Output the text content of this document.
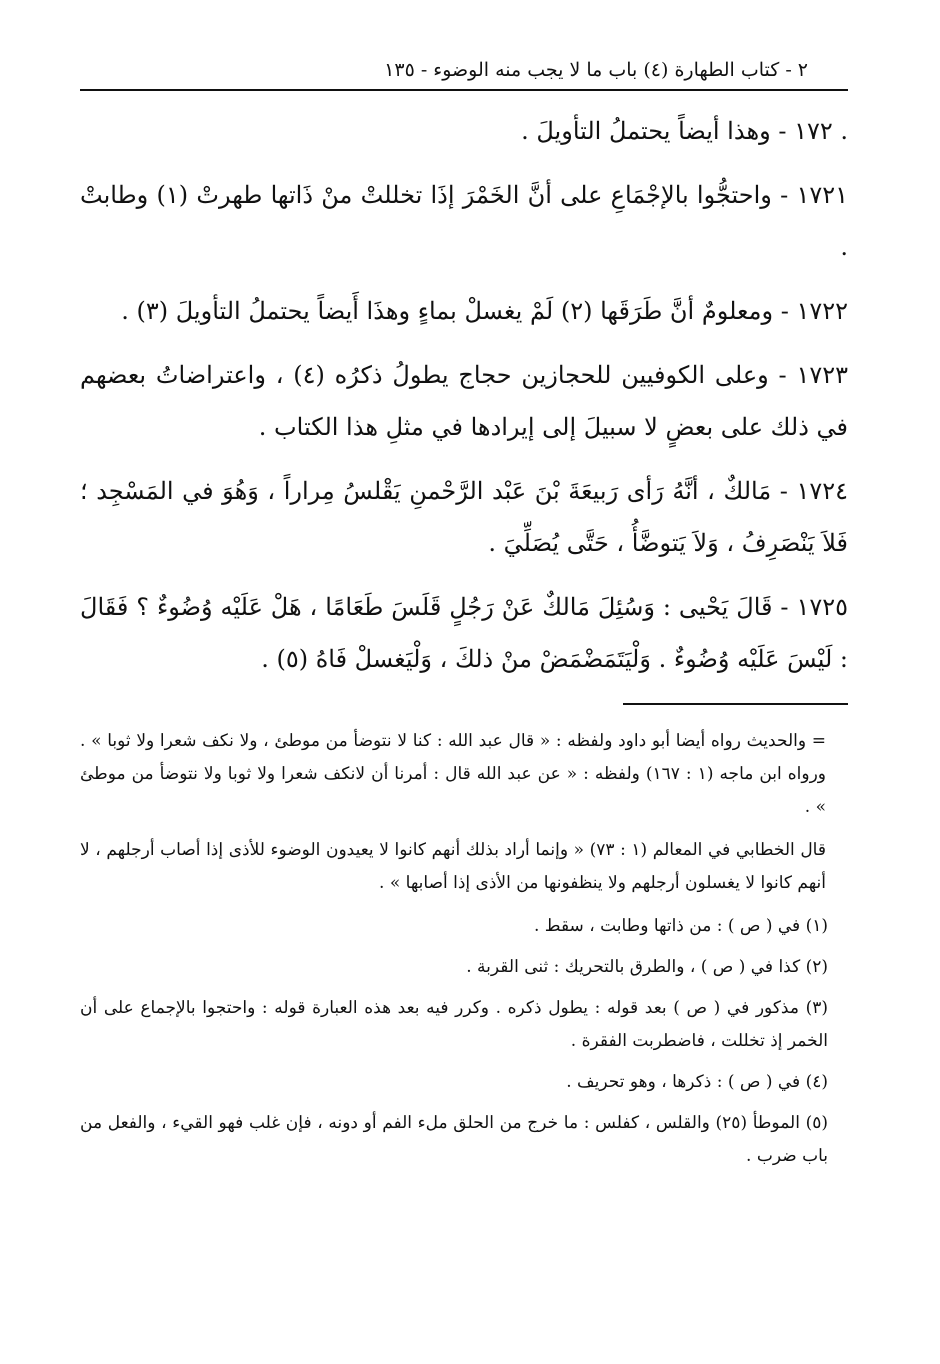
٢ - كتاب الطهارة (٤) باب ما لا يجب منه الوضوء - ١٣٥

. ١٧٢ - وهذا أيضاً يحتملُ التأويلَ .

١٧٢١ - واحتجُّوا بالإجْمَاعِ على أنَّ الخَمْرَ إذَا تخللتْ منْ ذَاتها طهرتْ (١) وطابتْ .

١٧٢٢ - ومعلومٌ أنَّ طَرَقَها (٢) لَمْ يغسلْ بماءٍ وهذَا أَيضاً يحتملُ التأويلَ (٣) .

١٧٢٣ - وعلى الكوفيين للحجازين حجاج يطولُ ذكرُه (٤) ، واعتراضاتُ بعضهم في ذلك على بعضٍ لا سبيلَ إلى إيرادها في مثلِ هذا الكتاب .

١٧٢٤ - مَالكٌ ، أنَّهُ رَأى رَبيعَةَ بْنَ عَبْد الرَّحْمنِ يَقْلسُ مِراراً ، وَهُوَ في المَسْجِد ؛ فَلاَ يَنْصَرِفُ ، وَلاَ يَتوضَّأُ ، حَتَّى يُصَلِّيَ .

١٧٢٥ - قَالَ يَحْيى : وَسُئِلَ مَالكٌ عَنْ رَجُلٍ قَلَسَ طَعَامًا ، هَلْ عَلَيْه وُضُوءٌ ؟ فَقَالَ : لَيْسَ عَلَيْه وُضُوءٌ . وَلْيَتَمَضْمَضْ منْ ذلكَ ، وَلْيَغسلْ فَاهُ (٥) .

= والحديث رواه أيضا أبو داود ولفظه : « قال عبد الله : كنا لا نتوضأ من موطئ ، ولا نكف شعرا ولا ثوبا » . ورواه ابن ماجه (١ : ١٦٧) ولفظه : « عن عبد الله قال : أمرنا أن لانكف شعرا ولا ثوبا ولا نتوضأ من موطئ » .

قال الخطابي في المعالم (١ : ٧٣) « وإنما أراد بذلك أنهم كانوا لا يعيدون الوضوء للأذى إذا أصاب أرجلهم ، لا أنهم كانوا لا يغسلون أرجلهم ولا ينظفونها من الأذى إذا أصابها » .

(١) في ( ص ) : من ذاتها وطابت ، سقط .

(٢) كذا في ( ص ) ، والطرق بالتحريك : ثنى القربة .

(٣) مذكور في ( ص ) بعد قوله : يطول ذكره . وكرر فيه بعد هذه العبارة قوله : واحتجوا بالإجماع على أن الخمر إذ تخللت ، فاضطربت الفقرة .

(٤) في ( ص ) : ذكرها ، وهو تحريف .

(٥) الموطأ (٢٥) والقلس ، كفلس : ما خرج من الحلق ملء الفم أو دونه ، فإن غلب فهو القيء ، والفعل من باب ضرب .
